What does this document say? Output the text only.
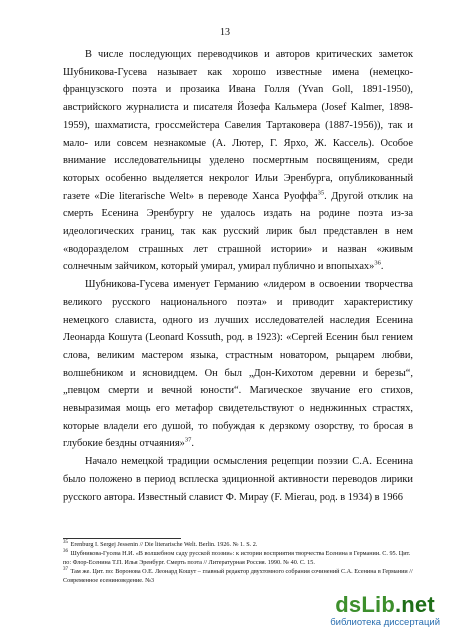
13

В числе последующих переводчиков и авторов критических заметок Шубникова-Гусева называет как хорошо известные имена (немецко-французского поэта и прозаика Ивана Голля (Yvan Goll, 1891-1950), австрийского журналиста и писателя Йозефа Кальмера (Josef Kalmer, 1898-1959), шахматиста, гроссмейстера Савелия Тартаковера (1887-1956)), так и мало- или совсем незнакомые (А. Лютер, Г. Ярхо, Ж. Кассель). Особое внимание исследовательницы уделено посмертным посвящениям, среди которых особенно выделяется некролог Ильи Эренбурга, опубликованный газете «Die literarische Welt» в переводе Ханса Руоффа$^{35}$. Другой отклик на смерть Есенина Эренбургу не удалось издать на родине поэта из-за идеологических границ, так как русский лирик был представлен в нем «водоразделом страшных лет страшной истории» и назван «живым солнечным зайчиком, который умирал, умирал публично и впопыхах»$^{36}$.

Шубникова-Гусева именует Германию «лидером в освоении творчества великого русского национального поэта» и приводит характеристику немецкого слависта, одного из лучших исследователей наследия Есенина Леонарда Кошута (Leonard Kossuth, род. в 1923): «Сергей Есенин был гением слова, великим мастером языка, страстным новатором, рыцарем любви, волшебником и ясновидцем. Он был „Дон-Кихотом деревни и березы“, „певцом смерти и вечной юности“. Магическое звучание его стихов, невыразимая мощь его метафор свидетельствуют о неднжинных страстях, которые владели его душой, то побуждая к дерзкому озорству, то бросая в глубокие бездны отчаяния»$^{37}$.

Начало немецкой традиции осмысления рецепции поэзии С.А. Есенина было положено в период всплеска эдиционной активности переводов лирики русского автора. Известный славист Ф. Мирау (F. Mierau, род. в 1934) в 1966

$^{35}$ Erenburg I. Sergej Jessenin // Die literarische Welt. Berlin. 1926. № 1. S. 2.
$^{36}$ Шубникова-Гусева Н.И. «В волшебном саду русской поэзии»: к истории восприятия творчества Есенина в Германии. С. 95. Цит. по: Флор-Есенина Т.П. Илья Эренбург. Смерть поэта // Литературная Россия. 1990. № 40. С. 15.
$^{37}$ Там же. Цит. по: Воронова О.Е. Леонард Кошут – главный редактор двухтомного собрания сочинений С.А. Есенина в Германии // Современное есениноведение. №3
dsLib.net
библиотека диссертаций
